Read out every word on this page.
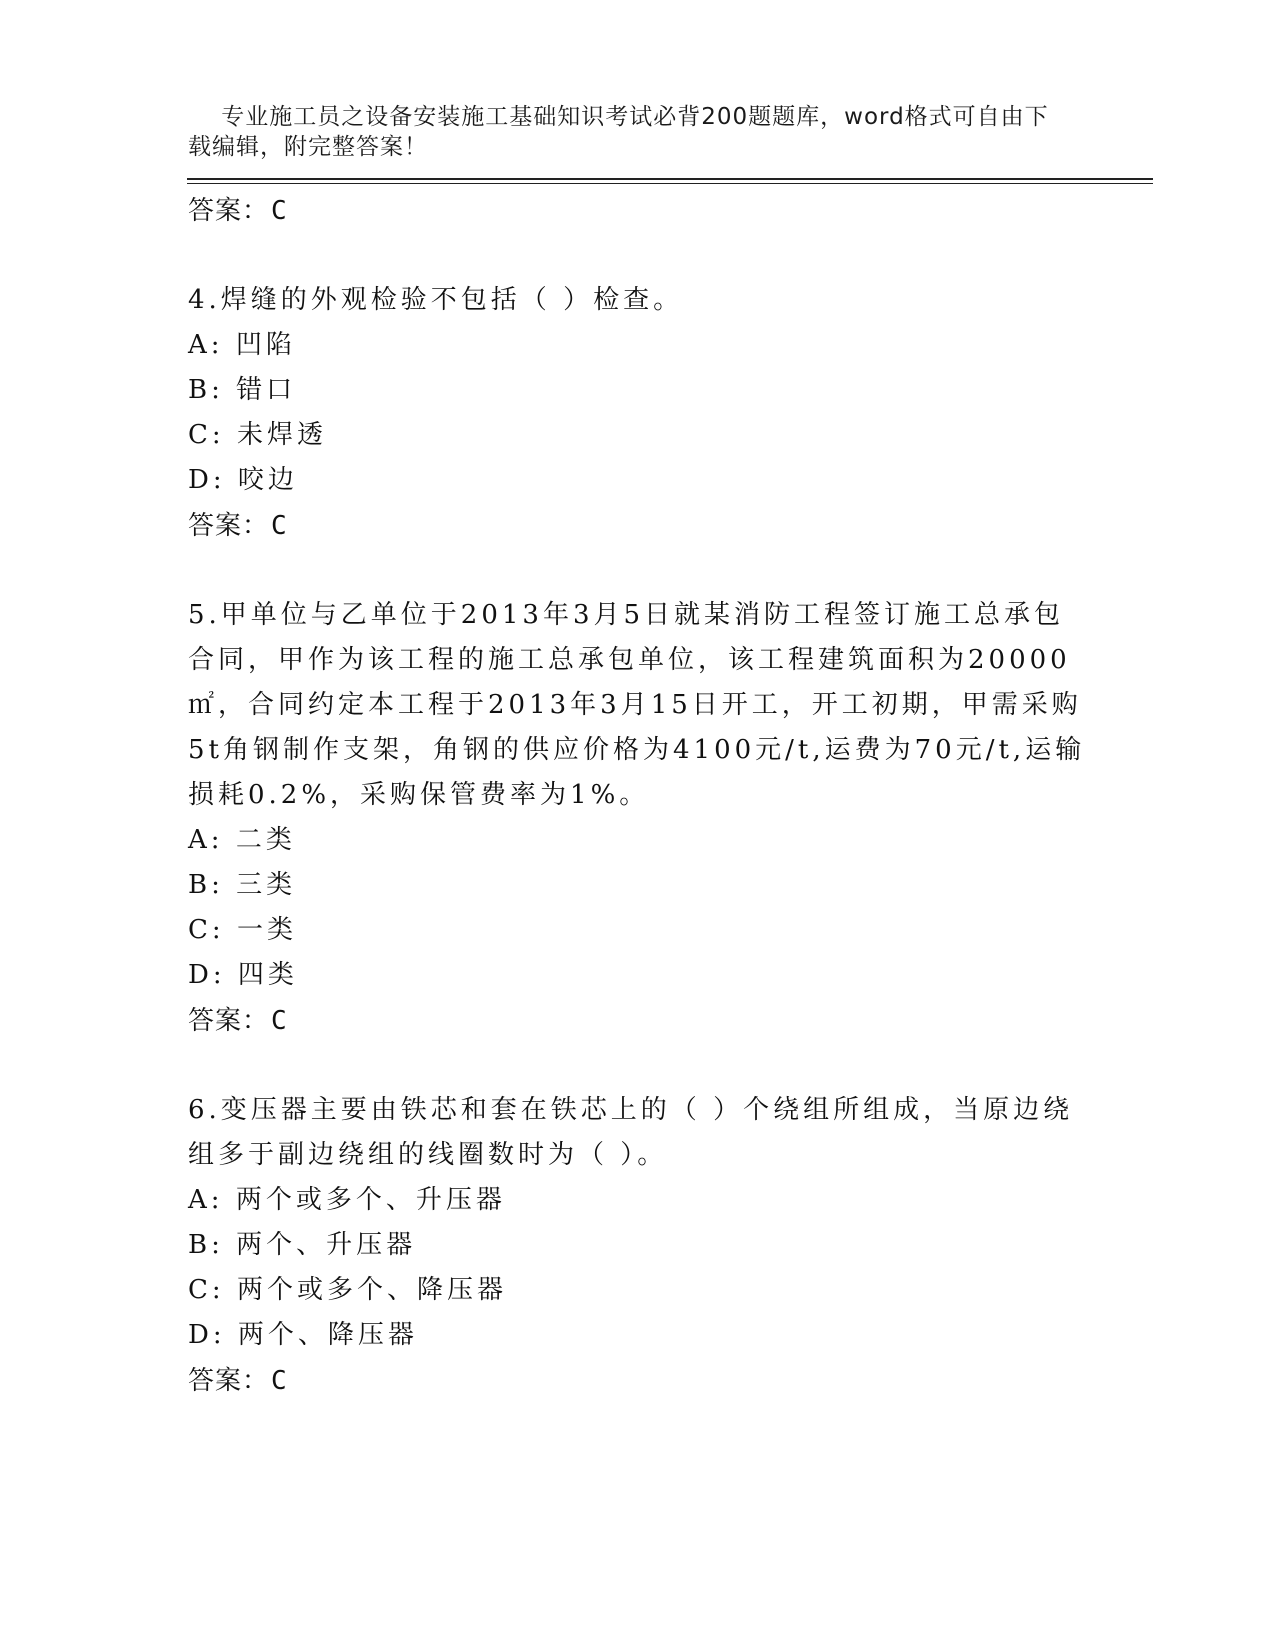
专业施工员之设备安装施工基础知识考试必背200题题库，word格式可自由下载编辑，附完整答案！

答案：C
4.焊缝的外观检验不包括（ ）检查。
A: 凹陷
B: 错口
C: 未焊透
D: 咬边
答案：C
5.甲单位与乙单位于2013年3月5日就某消防工程签订施工总承包合同，甲作为该工程的施工总承包单位，该工程建筑面积为20000㎡，合同约定本工程于2013年3月15日开工，开工初期，甲需采购5t角钢制作支架，角钢的供应价格为4100元/t,运费为70元/t,运输损耗0.2%，采购保管费率为1%。
A: 二类
B: 三类
C: 一类
D: 四类
答案：C
6.变压器主要由铁芯和套在铁芯上的（ ）个绕组所组成，当原边绕组多于副边绕组的线圈数时为（ ）。
A: 两个或多个、升压器
B: 两个、升压器
C: 两个或多个、降压器
D: 两个、降压器
答案：C
